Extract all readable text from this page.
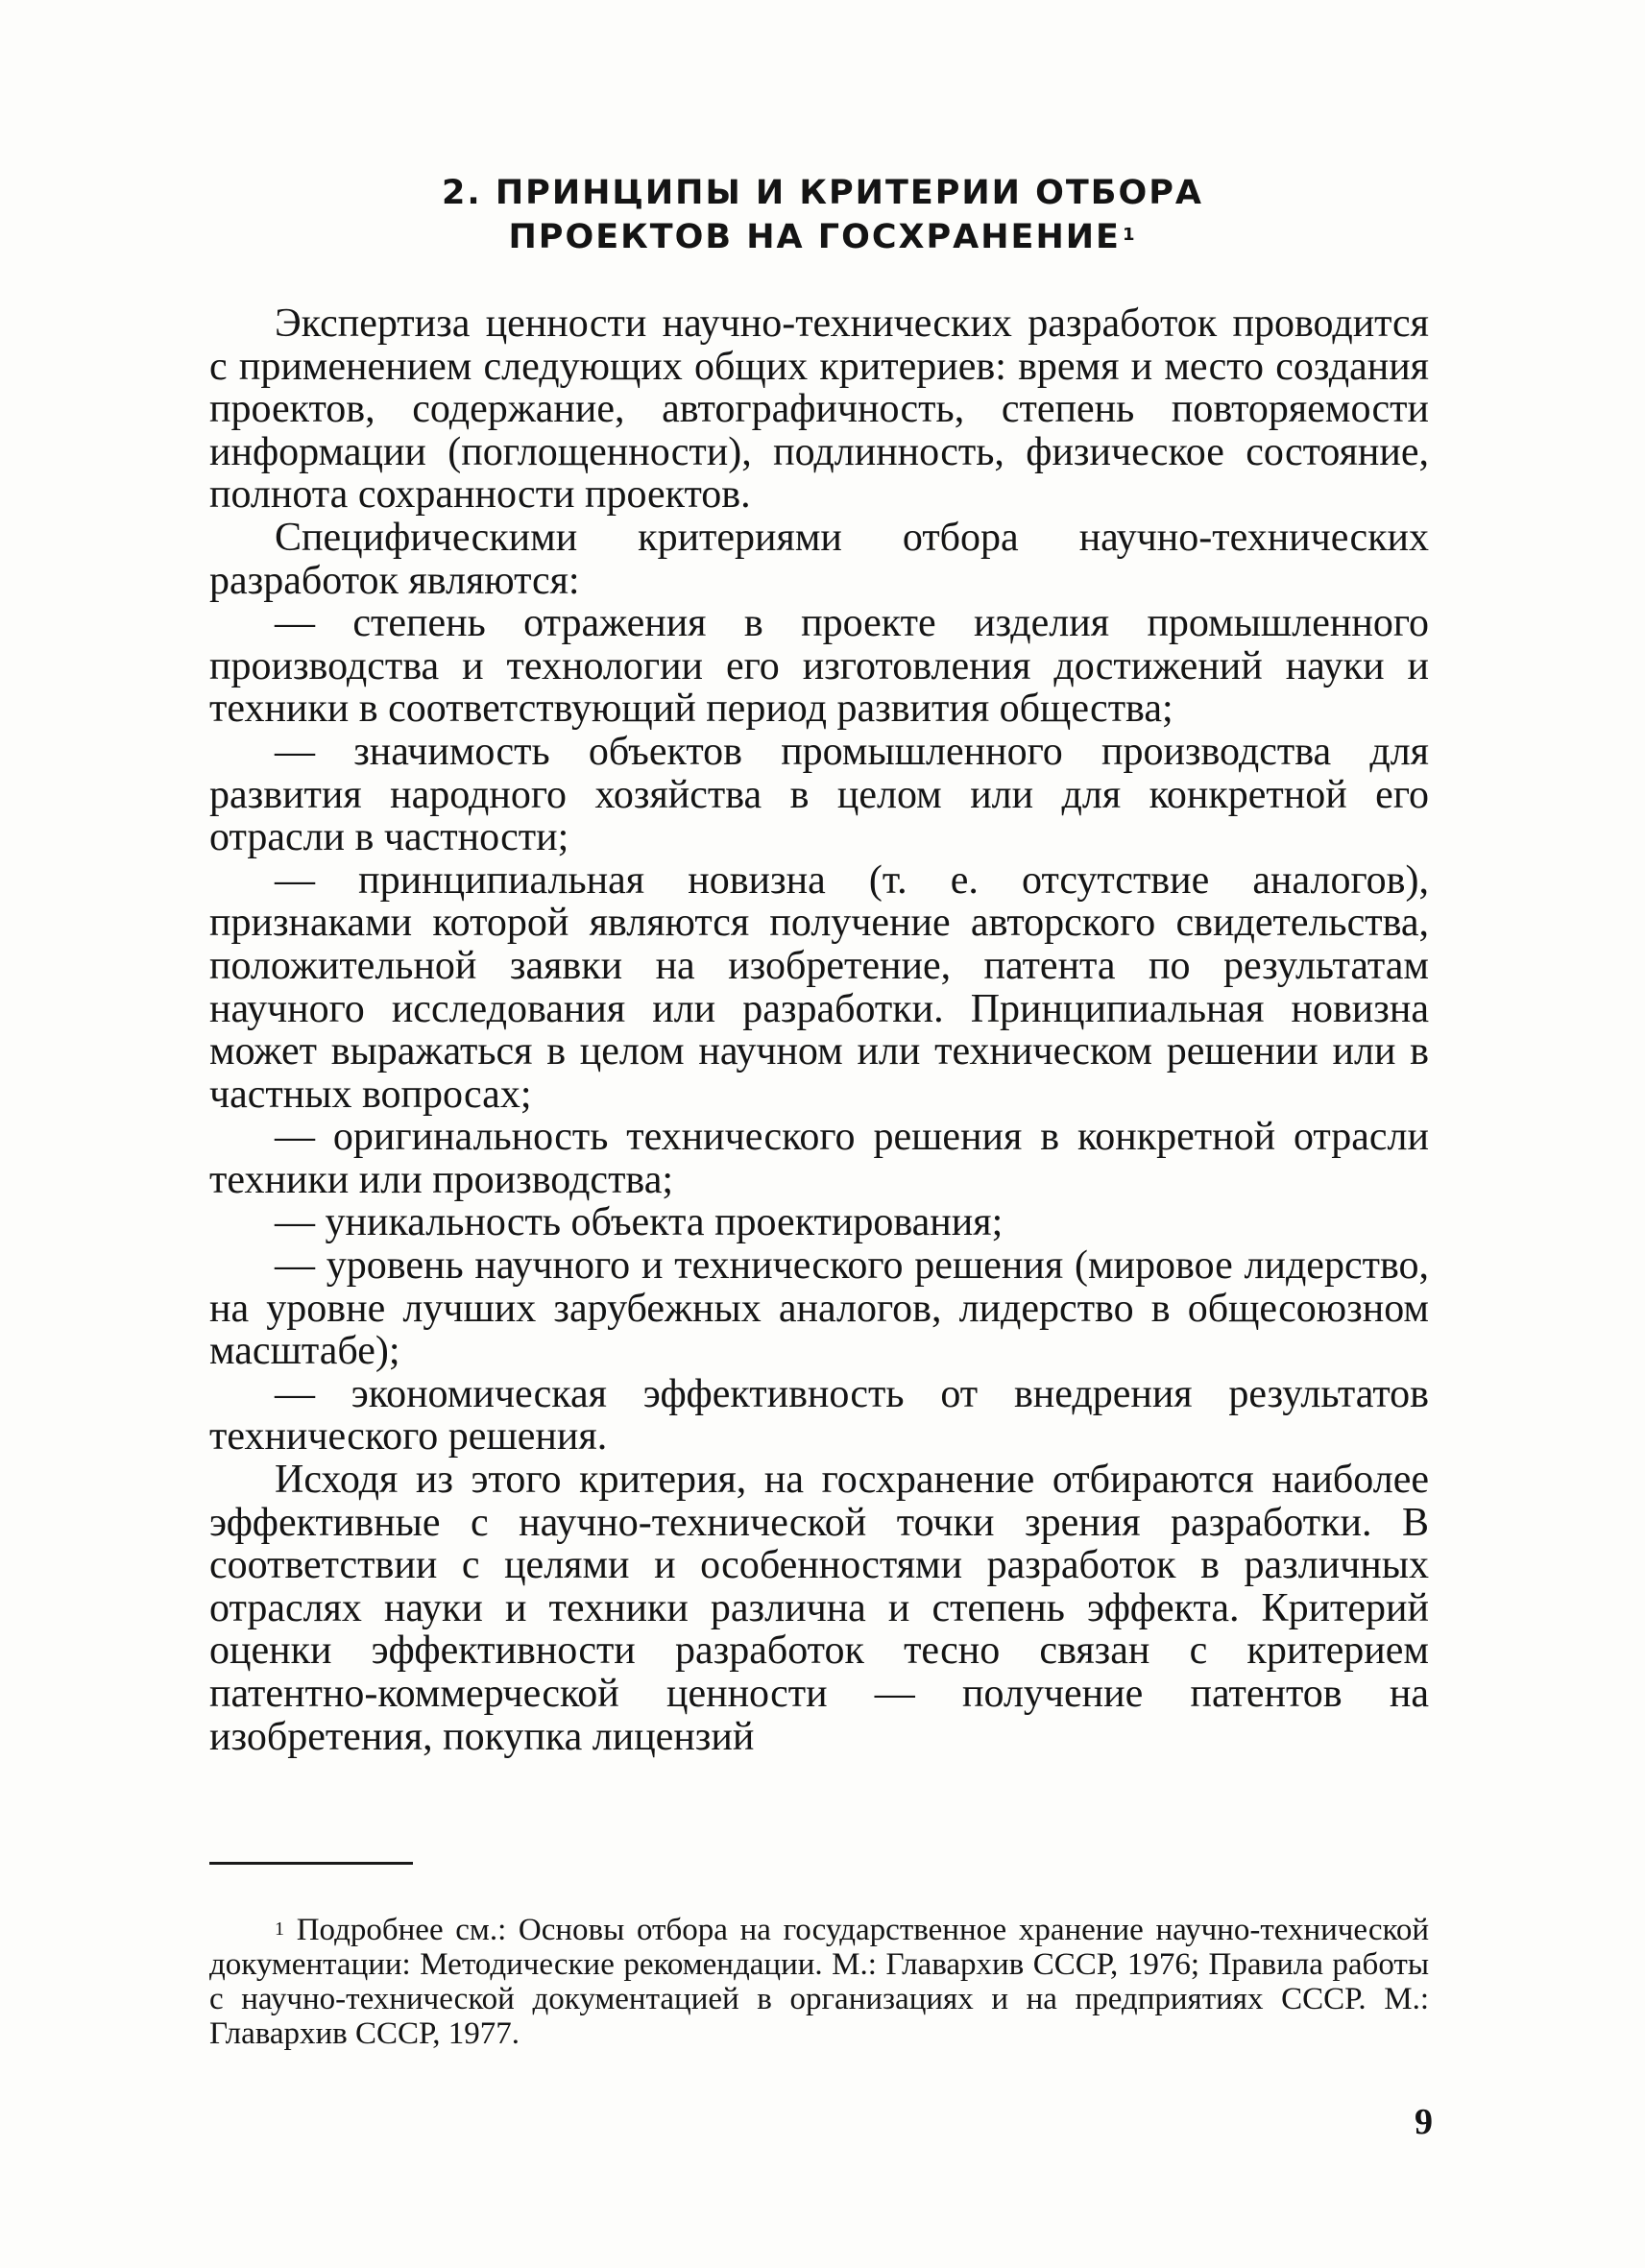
2. ПРИНЦИПЫ И КРИТЕРИИ ОТБОРА
ПРОЕКТОВ НА ГОСХРАНЕНИЕ $^1$

Экспертиза ценности научно-технических разработок проводится с применением следующих общих критериев: время и место создания проектов, содержание, автографичность, степень повторяемости информации (поглощенности), подлинность, физическое состояние, полнота сохранности проектов.

Специфическими критериями отбора научно-технических разработок являются:

— степень отражения в проекте изделия промышленного производства и технологии его изготовления достижений науки и техники в соответствующий период развития общества;

— значимость объектов промышленного производства для развития народного хозяйства в целом или для конкретной его отрасли в частности;

— принципиальная новизна (т. е. отсутствие аналогов), признаками которой являются получение авторского свидетельства, положительной заявки на изобретение, патента по результатам научного исследования или разработки. Принципиальная новизна может выражаться в целом научном или техническом решении или в частных вопросах;

— оригинальность технического решения в конкретной отрасли техники или производства;

— уникальность объекта проектирования;

— уровень научного и технического решения (мировое лидерство, на уровне лучших зарубежных аналогов, лидерство в общесоюзном масштабе);

— экономическая эффективность от внедрения результатов технического решения.

Исходя из этого критерия, на госхранение отбираются наиболее эффективные с научно-технической точки зрения разработки. В соответствии с целями и особенностями разработок в различных отраслях науки и техники различна и степень эффекта. Критерий оценки эффективности разработок тесно связан с критерием патентно-коммерческой ценности — получение патентов на изобретения, покупка лицензий

$^1$ Подробнее см.: Основы отбора на государственное хранение научно-технической документации: Методические рекомендации. М.: Главархив СССР, 1976; Правила работы с научно-технической документацией в организациях и на предприятиях СССР. М.: Главархив СССР, 1977.
9
